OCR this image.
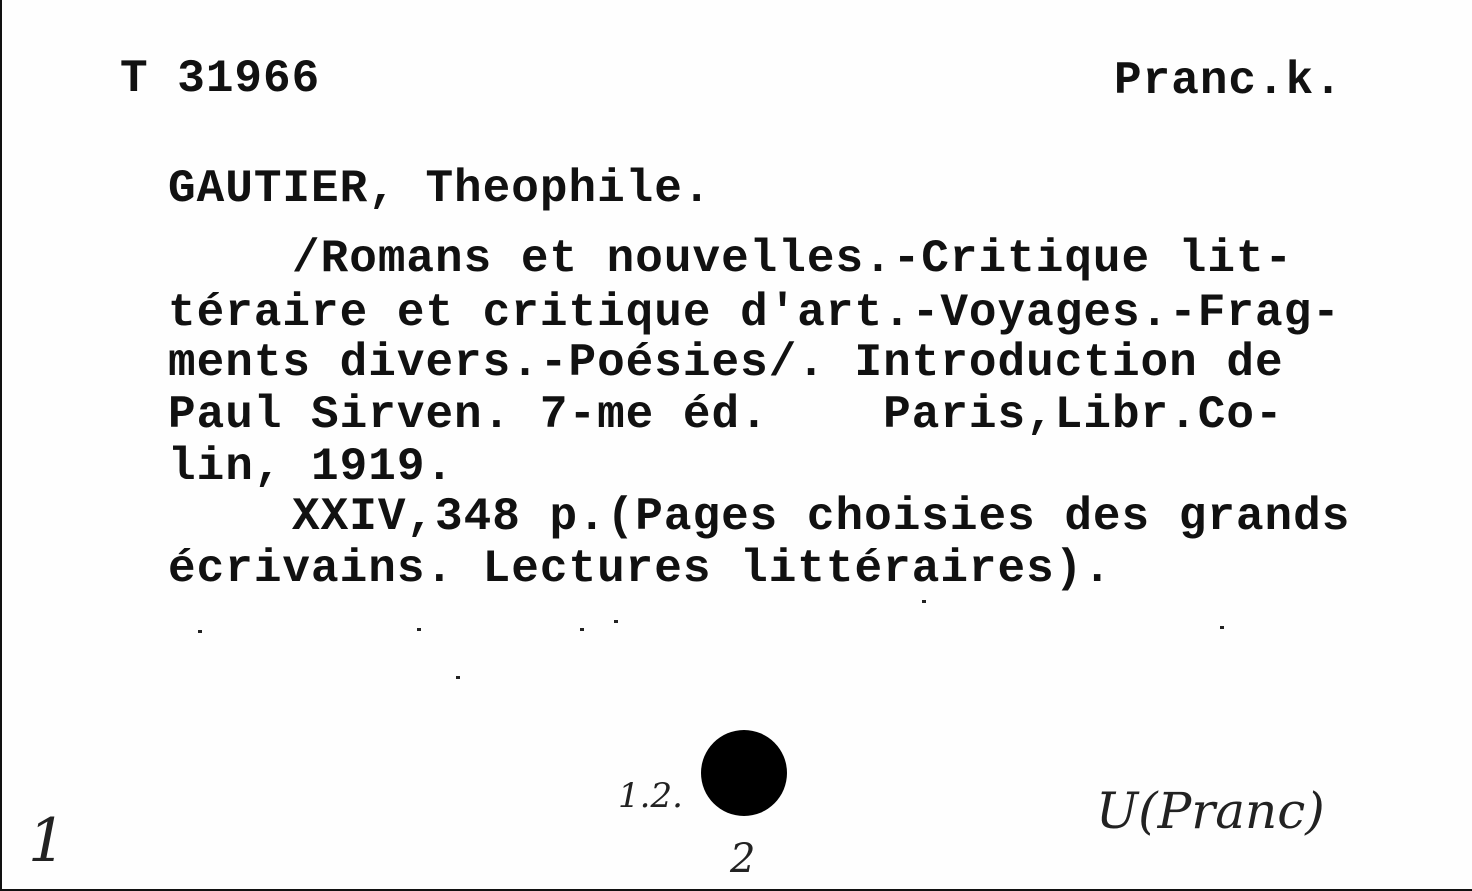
T 31966	Pranc.k.
GAUTIER, Theophile.
/Romans et nouvelles.-Critique lit-
téraire et critique d'art.-Voyages.-Frag-
ments divers.-Poésies/. Introduction de
Paul Sirven. 7-me éd.    Paris,Libr.Co-
lin, 1919.
XXIV,348 p.(Pages choisies des grands
écrivains. Lectures littéraires).
1
1.2.
2
U(Pranc)
